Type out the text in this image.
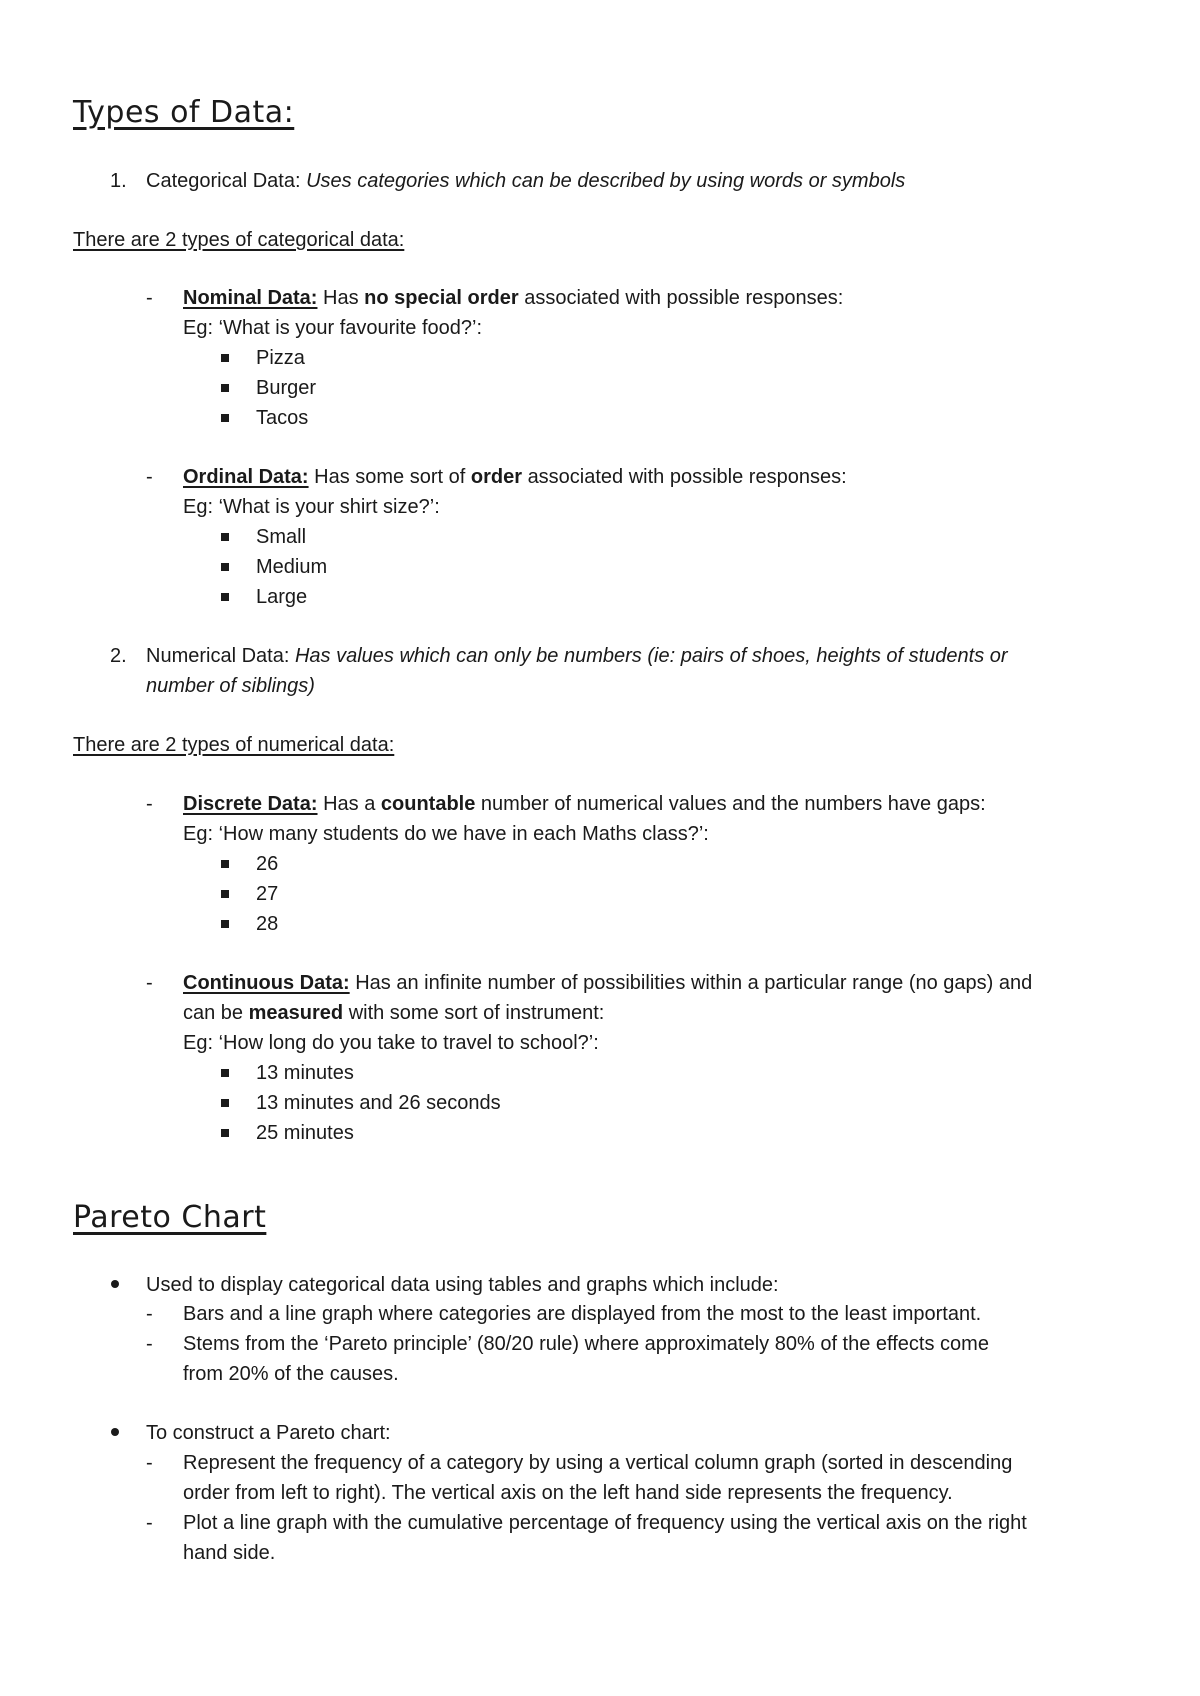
Types of Data:
1. Categorical Data: Uses categories which can be described by using words or symbols
There are 2 types of categorical data:
- Nominal Data: Has no special order associated with possible responses:
Eg: ‘What is your favourite food?’:
Pizza
Burger
Tacos
- Ordinal Data: Has some sort of order associated with possible responses:
Eg: ‘What is your shirt size?’:
Small
Medium
Large
2. Numerical Data: Has values which can only be numbers (ie: pairs of shoes, heights of students or
number of siblings)
There are 2 types of numerical data:
- Discrete Data: Has a countable number of numerical values and the numbers have gaps:
Eg: ‘How many students do we have in each Maths class?’:
26
27
28
- Continuous Data: Has an infinite number of possibilities within a particular range (no gaps) and
can be measured with some sort of instrument:
Eg: ‘How long do you take to travel to school?’:
13 minutes
13 minutes and 26 seconds
25 minutes
Pareto Chart
Used to display categorical data using tables and graphs which include:
- Bars and a line graph where categories are displayed from the most to the least important.
- Stems from the ‘Pareto principle’ (80/20 rule) where approximately 80% of the effects come
from 20% of the causes.
To construct a Pareto chart:
- Represent the frequency of a category by using a vertical column graph (sorted in descending
order from left to right). The vertical axis on the left hand side represents the frequency.
- Plot a line graph with the cumulative percentage of frequency using the vertical axis on the right
hand side.
